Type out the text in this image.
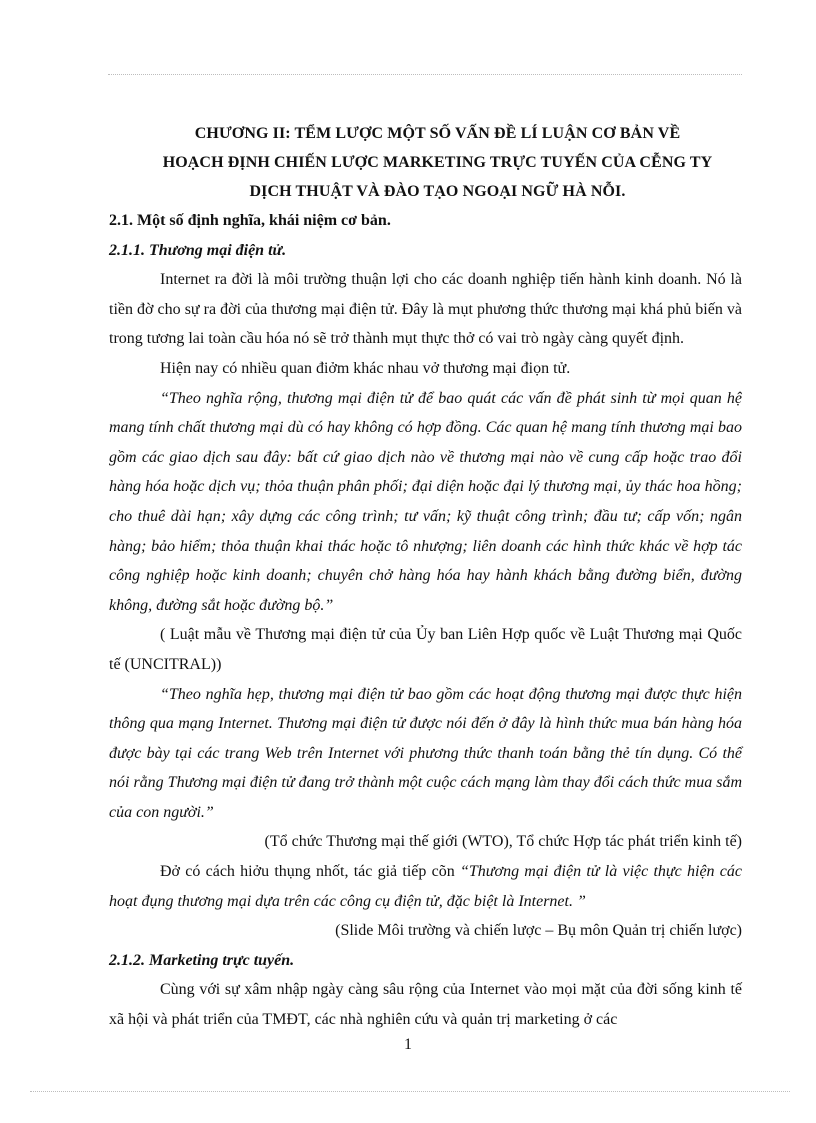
CHƯƠNG II: TỂM LƯỢC MỘT SỐ VẤN ĐỀ LÍ LUẬN CƠ BẢN VỀ
HOẠCH ĐỊNH CHIẾN LƯỢC MARKETING TRỰC TUYẾN CỦA CỄNG TY
DỊCH THUẬT VÀ ĐÀO TẠO NGOẠI NGỮ HÀ NỖI.

2.1. Một số định nghĩa, khái niệm cơ bản.

2.1.1. Thương mại điện tử.

Internet ra đời là môi trường thuận lợi cho các doanh nghiệp tiến hành kinh doanh. Nó là tiền đờ cho sự ra đời của thương mại điện tử. Đây là mụt phương thức thương mại khá phủ biến và trong tương lai toàn cầu hóa nó sẽ trở thành mụt thực thở có vai trò ngày càng quyết định.

Hiện nay có nhiều quan điởm khác nhau vở thương mại điọn tử.

“Theo nghĩa rộng, thương mại điện tử để bao quát các vấn đề phát sinh từ mọi quan hệ mang tính chất thương mại dù có hay không có hợp đồng. Các quan hệ mang tính thương mại bao gồm các giao dịch sau đây: bất cứ giao dịch nào về thương mại nào về cung cấp hoặc trao đổi hàng hóa hoặc dịch vụ; thỏa thuận phân phối; đại diện hoặc đại lý thương mại, ủy thác hoa hồng; cho thuê dài hạn; xây dựng các công trình; tư vấn; kỹ thuật công trình; đầu tư; cấp vốn; ngân hàng; bảo hiểm; thỏa thuận khai thác hoặc tô nhượng; liên doanh các hình thức khác về hợp tác công nghiệp hoặc kinh doanh; chuyên chở hàng hóa hay hành khách bằng đường biển, đường không, đường sắt hoặc đường bộ.”

( Luật mẫu về Thương mại điện tử của Ủy ban Liên Hợp quốc về Luật Thương mại Quốc tế (UNCITRAL))

“Theo nghĩa hẹp, thương mại điện tử bao gồm các hoạt động thương mại được thực hiện thông qua mạng Internet. Thương mại điện tử được nói đến ở đây là hình thức mua bán hàng hóa được bày tại các trang Web trên Internet với phương thức thanh toán bằng thẻ tín dụng. Có thể nói rằng Thương mại điện tử đang trở thành một cuộc cách mạng làm thay đổi cách thức mua sắm của con người.”

(Tổ chức Thương mại thế giới (WTO), Tổ chức Hợp tác phát triển kinh tế)

Đở có cách hiởu thụng nhốt, tác giả tiếp cõn “Thương mại điện tử là việc thực hiện các hoạt đụng thương mại dựa trên các công cụ điện tử, đặc biệt là Internet. ”

(Slide Môi trường và chiến lược – Bụ môn Quản trị chiến lược)

2.1.2. Marketing trực tuyến.

Cùng với sự xâm nhập ngày càng sâu rộng của Internet vào mọi mặt của đời sống kinh tế xã hội và phát triển của TMĐT, các nhà nghiên cứu và quản trị marketing ở các

1
